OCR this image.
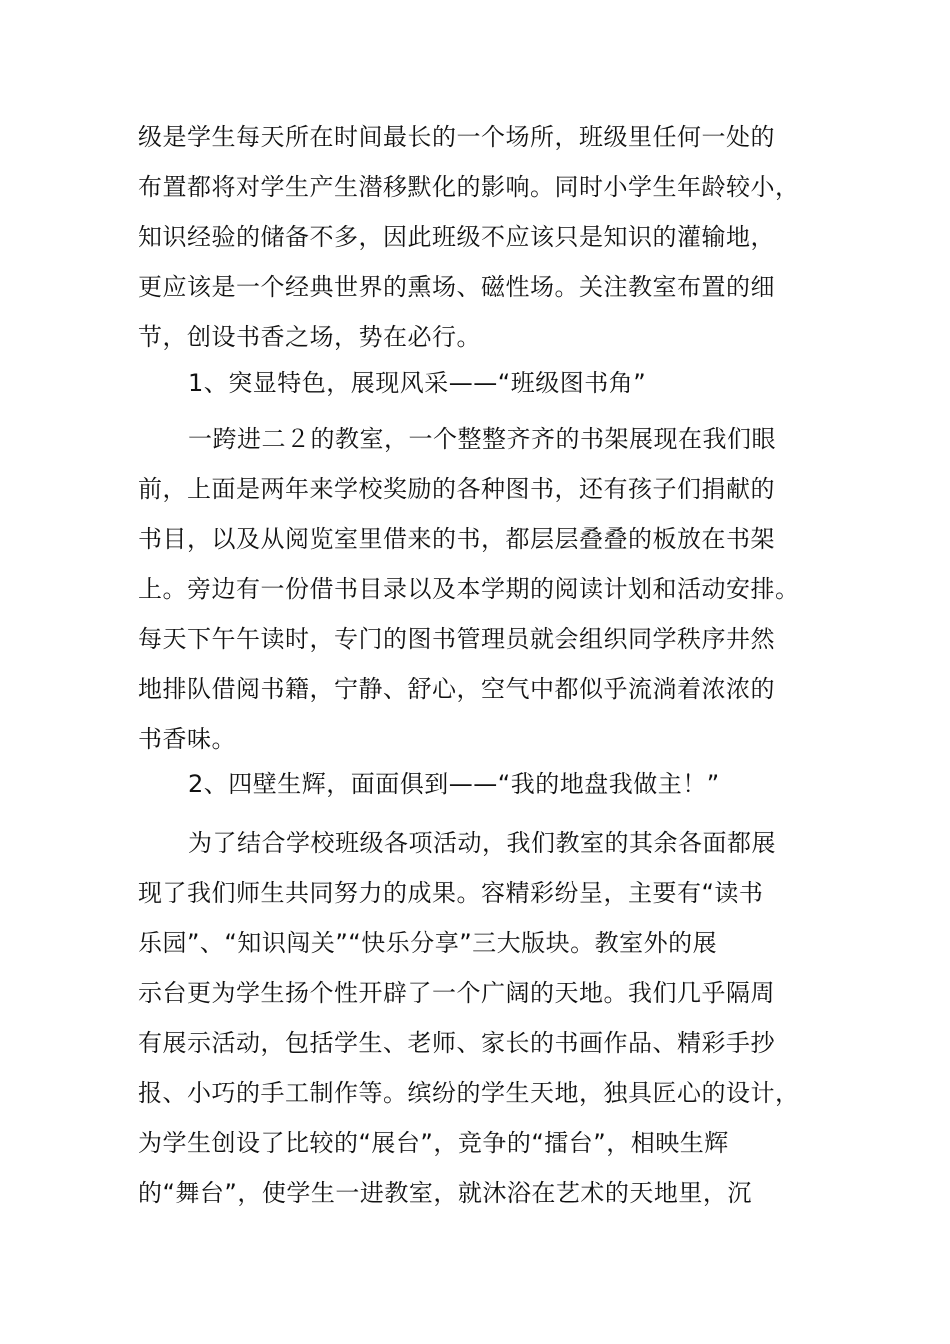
级是学生每天所在时间最长的一个场所，班级里任何一处的
布置都将对学生产生潜移默化的影响。同时小学生年龄较小，
知识经验的储备不多，因此班级不应该只是知识的灌输地，
更应该是一个经典世界的熏场、磁性场。关注教室布置的细
节，创设书香之场，势在必行。
1、突显特色，展现风采——“班级图书角”
一跨进二２的教室，一个整整齐齐的书架展现在我们眼
前，上面是两年来学校奖励的各种图书，还有孩子们捐献的
书目，以及从阅览室里借来的书，都层层叠叠的板放在书架
上。旁边有一份借书目录以及本学期的阅读计划和活动安排。
每天下午午读时，专门的图书管理员就会组织同学秩序井然
地排队借阅书籍，宁静、舒心，空气中都似乎流淌着浓浓的
书香味。
2、四壁生辉，面面俱到——“我的地盘我做主！”
为了结合学校班级各项活动，我们教室的其余各面都展
现了我们师生共同努力的成果。容精彩纷呈，主要有“读书
乐园”、“知识闯关”“快乐分享”三大版块。教室外的展
示台更为学生扬个性开辟了一个广阔的天地。我们几乎隔周
有展示活动，包括学生、老师、家长的书画作品、精彩手抄
报、小巧的手工制作等。缤纷的学生天地，独具匠心的设计，
为学生创设了比较的“展台”，竞争的“擂台”，相映生辉
的“舞台”，使学生一进教室，就沐浴在艺术的天地里，沉
